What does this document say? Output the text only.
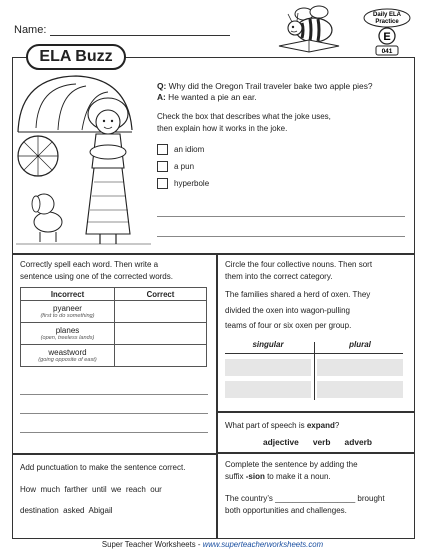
Name:
Daily ELA
Practice
E
041
ELA Buzz
Q: Why did the Oregon Trail traveler bake two apple pies?
A: He wanted a pie an ear.
Check the box that describes what the joke uses,
then explain how it works in the joke.
an idiom
a pun
hyperbole
Correctly spell each word. Then write a
sentence using one of the corrected words.
Incorrect	Correct

pyaneer
(first to do something)	

planes
(open, treeless lands)	

weastword
(going opposite of east)	

Add punctuation to make the sentence correct.
How  much  farther  until  we  reach  our
destination  asked  Abigail
Circle the four collective nouns. Then sort
them into the correct category.
The families shared a herd of oxen. They
divided the oxen into wagon-pulling
teams of four or six oxen per group.
singular	plural
What part of speech is expand?
adjective verb adverb
Complete the sentence by adding the
suffix -sion to make it a noun.
The country’s __________________ brought
both opportunities and challenges.
Super Teacher Worksheets - www.superteacherworksheets.com
